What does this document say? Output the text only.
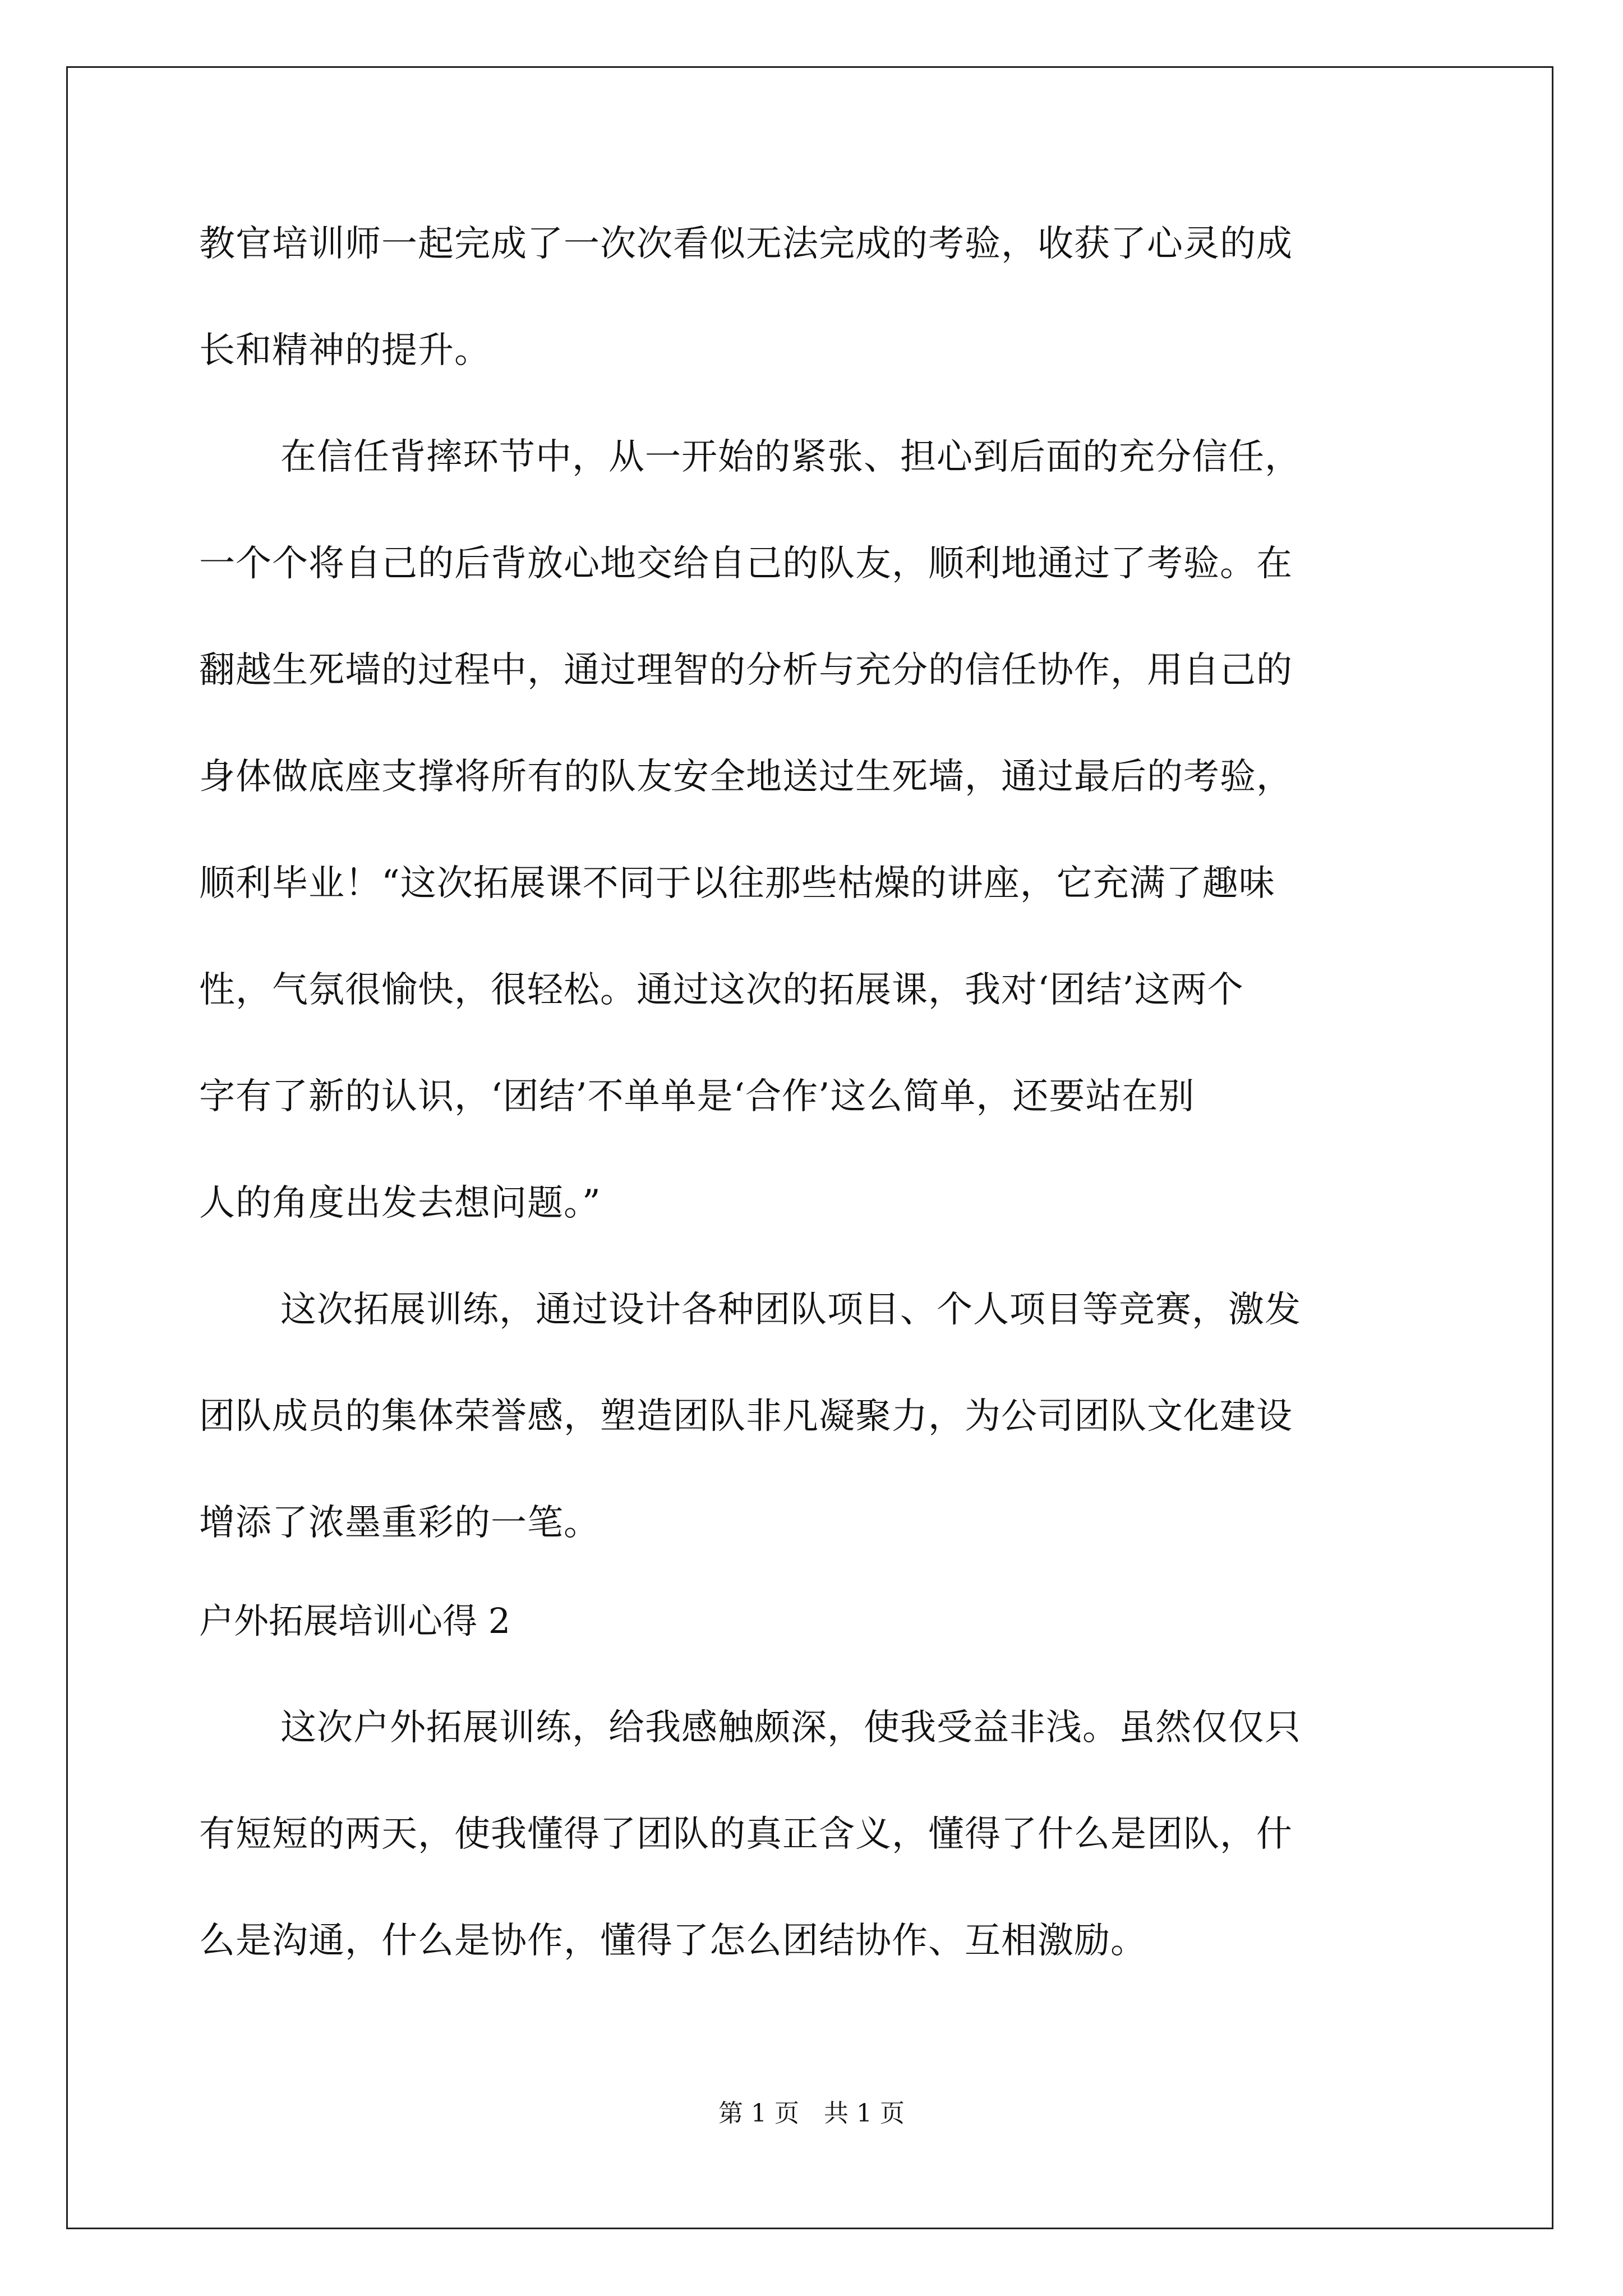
教官培训师一起完成了一次次看似无法完成的考验，收获了心灵的成
长和精神的提升。
在信任背摔环节中，从一开始的紧张、担心到后面的充分信任，
一个个将自己的后背放心地交给自己的队友，顺利地通过了考验。在
翻越生死墙的过程中，通过理智的分析与充分的信任协作，用自己的
身体做底座支撑将所有的队友安全地送过生死墙，通过最后的考验，
顺利毕业！“这次拓展课不同于以往那些枯燥的讲座，它充满了趣味
性，气氛很愉快，很轻松。通过这次的拓展课，我对‘团结’这两个
字有了新的认识，‘团结’不单单是‘合作’这么简单，还要站在别
人的角度出发去想问题。”
这次拓展训练，通过设计各种团队项目、个人项目等竞赛，激发
团队成员的集体荣誉感，塑造团队非凡凝聚力，为公司团队文化建设
增添了浓墨重彩的一笔。
户外拓展培训心得 2
这次户外拓展训练，给我感触颇深，使我受益非浅。虽然仅仅只
有短短的两天，使我懂得了团队的真正含义，懂得了什么是团队，什
么是沟通，什么是协作，懂得了怎么团结协作、互相激励。
第 1 页　共 1 页
